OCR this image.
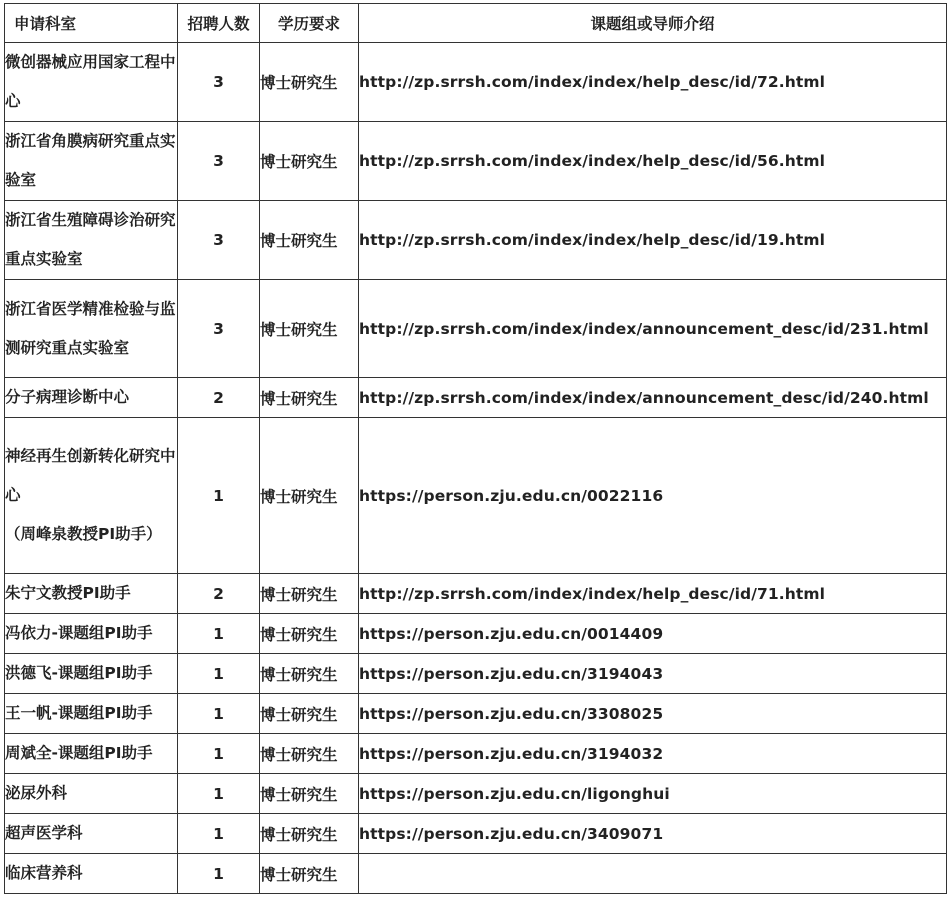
申请科室	招聘人数	学历要求	课题组或导师介绍
微创器械应用国家工程中心	3	博士研究生	http://zp.srrsh.com/index/index/help_desc/id/72.html
浙江省角膜病研究重点实验室	3	博士研究生	http://zp.srrsh.com/index/index/help_desc/id/56.html
浙江省生殖障碍诊治研究重点实验室	3	博士研究生	http://zp.srrsh.com/index/index/help_desc/id/19.html
浙江省医学精准检验与监测研究重点实验室	3	博士研究生	http://zp.srrsh.com/index/index/announcement_desc/id/231.html
分子病理诊断中心	2	博士研究生	http://zp.srrsh.com/index/index/announcement_desc/id/240.html
神经再生创新转化研究中心（周峰泉教授PI助手）	1	博士研究生	https://person.zju.edu.cn/0022116
朱宁文教授PI助手	2	博士研究生	http://zp.srrsh.com/index/index/help_desc/id/71.html
冯依力-课题组PI助手	1	博士研究生	https://person.zju.edu.cn/0014409
洪德飞-课题组PI助手	1	博士研究生	https://person.zju.edu.cn/3194043
王一帆-课题组PI助手	1	博士研究生	https://person.zju.edu.cn/3308025
周斌全-课题组PI助手	1	博士研究生	https://person.zju.edu.cn/3194032
泌尿外科	1	博士研究生	https://person.zju.edu.cn/ligonghui
超声医学科	1	博士研究生	https://person.zju.edu.cn/3409071
临床营养科	1	博士研究生	
